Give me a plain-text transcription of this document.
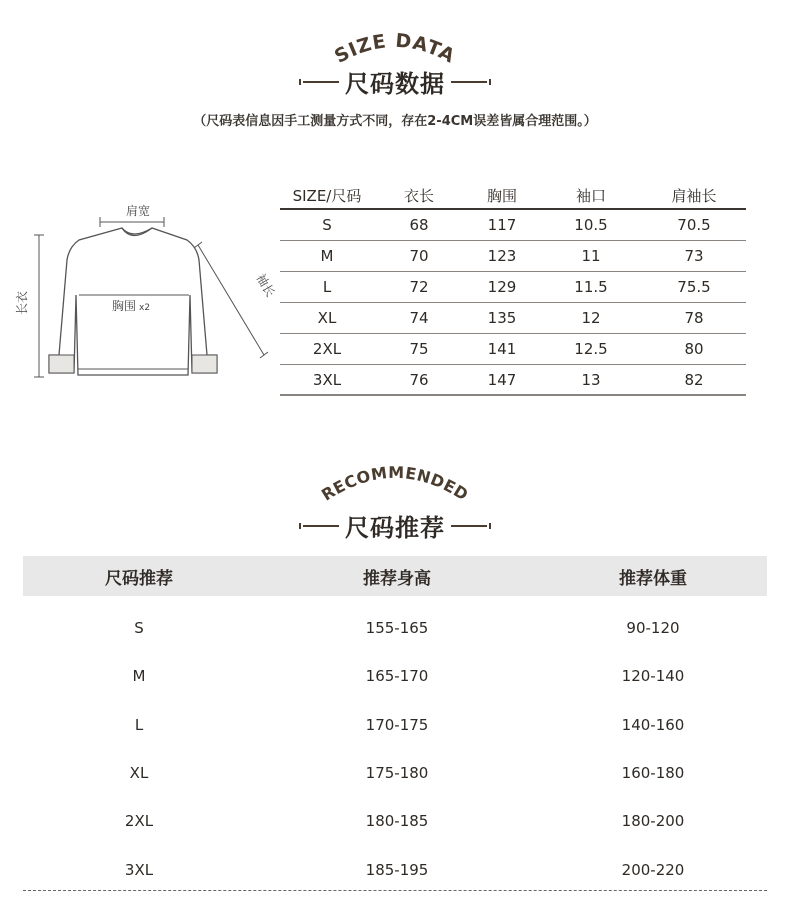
SIZE DATA
尺码数据
（尺码表信息因手工测量方式不同，存在2-4CM误差皆属合理范围。）
肩宽
长衣	胸围 x2
袖长
SIZE/尺码	衣长	胸围	袖口	肩袖长
S	68	117	10.5	70.5
M	70	123	11	73
L	72	129	11.5	75.5
XL	74	135	12	78
2XL	75	141	12.5	80
3XL	76	147	13	82
RECOMMENDED
尺码推荐
尺码推荐	推荐身高	推荐体重
S	155-165	90-120
M	165-170	120-140
L	170-175	140-160
XL	175-180	160-180
2XL	180-185	180-200
3XL	185-195	200-220
